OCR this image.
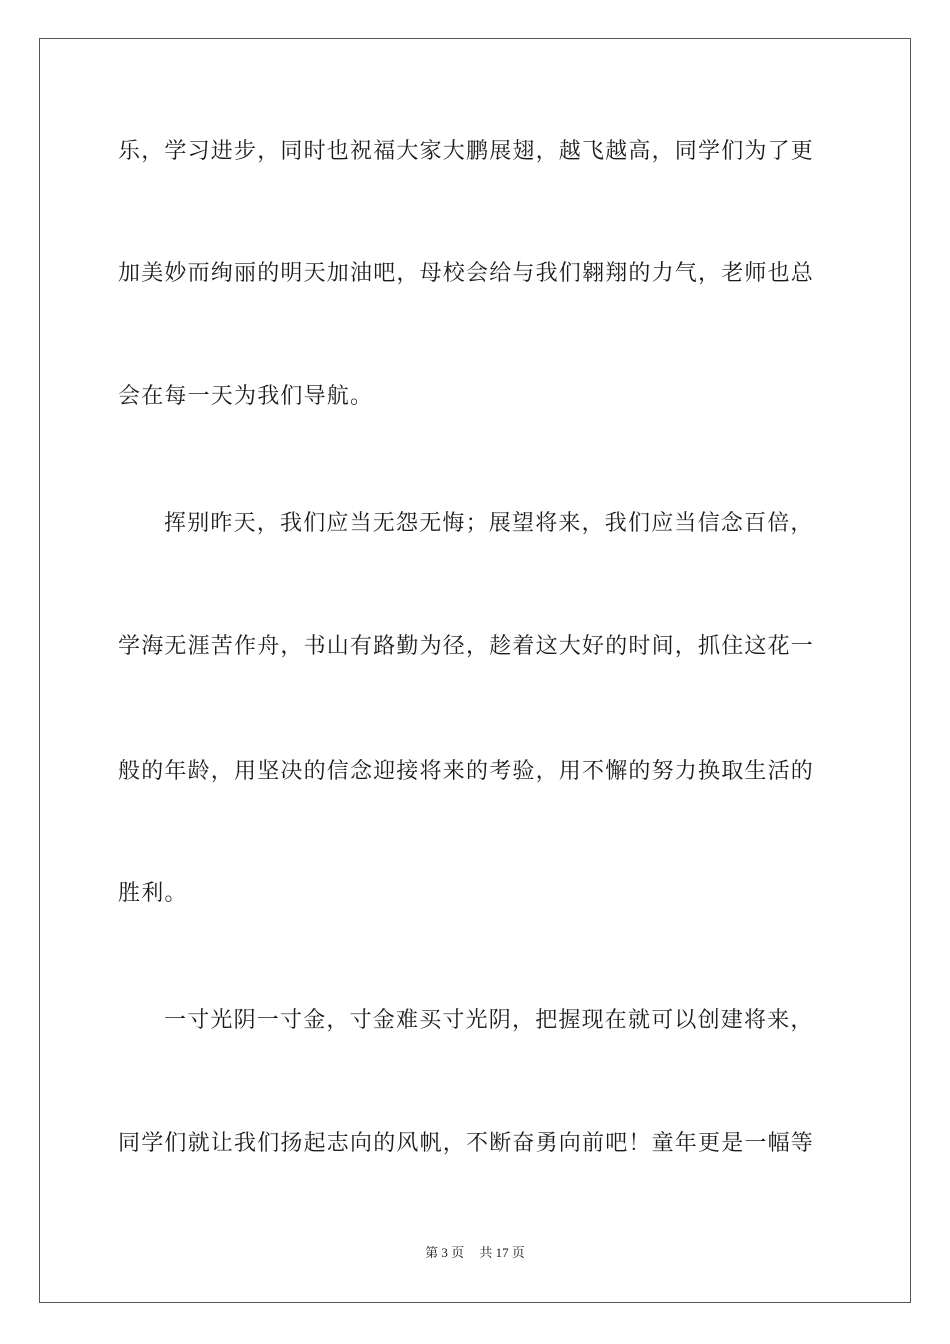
乐，学习进步，同时也祝福大家大鹏展翅，越飞越高，同学们为了更
加美妙而绚丽的明天加油吧，母校会给与我们翱翔的力气，老师也总
会在每一天为我们导航。
挥别昨天，我们应当无怨无悔；展望将来，我们应当信念百倍，
学海无涯苦作舟，书山有路勤为径，趁着这大好的时间，抓住这花一
般的年龄，用坚决的信念迎接将来的考验，用不懈的努力换取生活的
胜利。
一寸光阴一寸金，寸金难买寸光阴，把握现在就可以创建将来，
同学们就让我们扬起志向的风帆，不断奋勇向前吧！童年更是一幅等
第 3 页 共 17 页
